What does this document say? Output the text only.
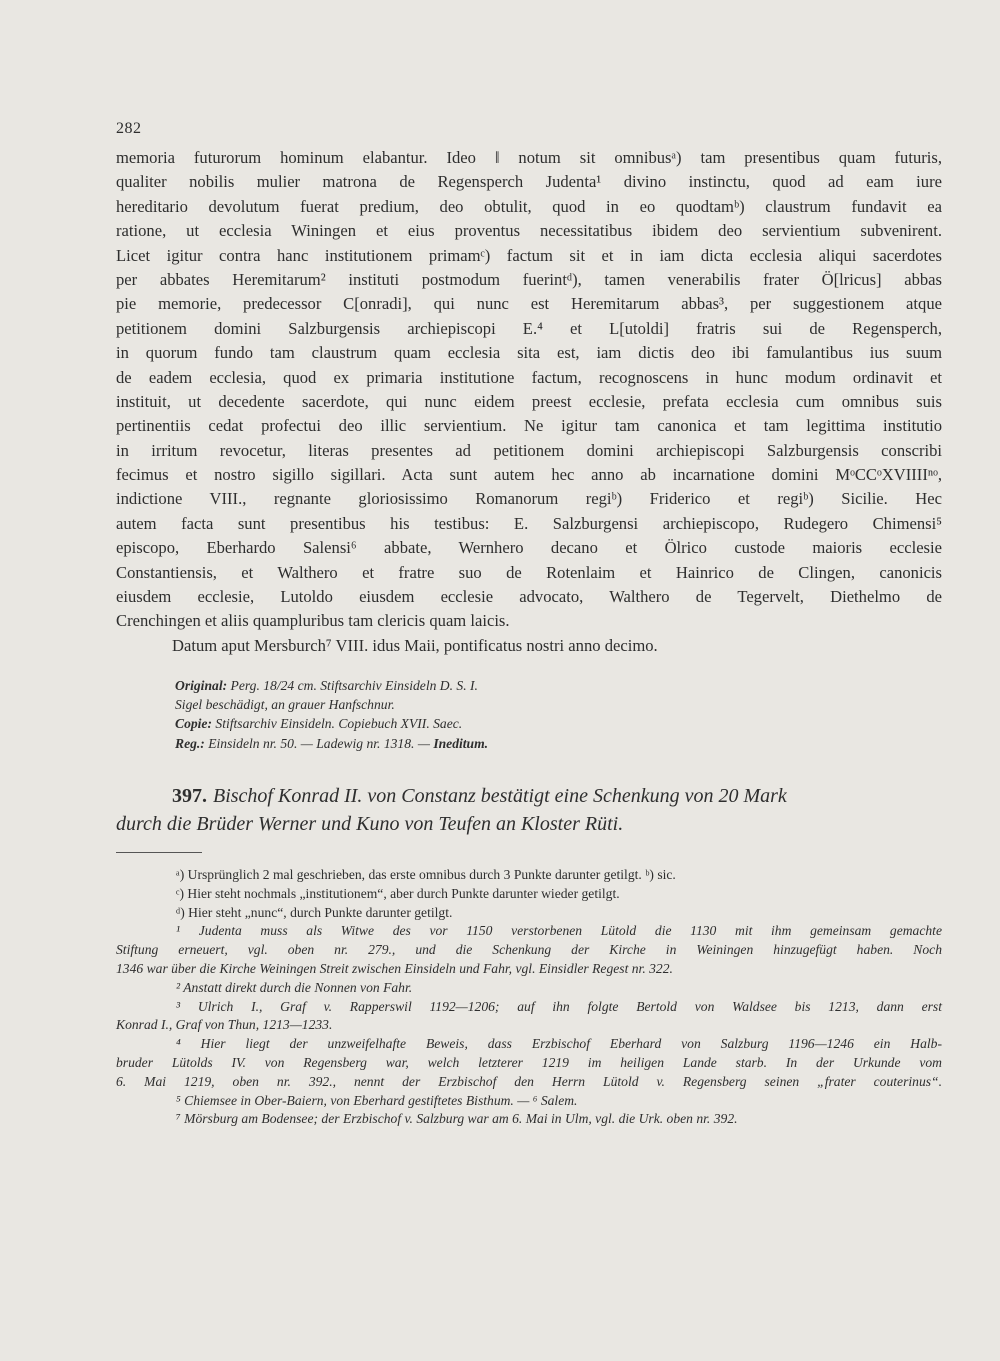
282
memoria futurorum hominum elabantur. Ideo ‖ notum sit omnibusᵃ) tam presentibus quam futuris,
qualiter nobilis mulier matrona de Regensperch Judenta¹ divino instinctu, quod ad eam iure
hereditario devolutum fuerat predium, deo obtulit, quod in eo quodtamᵇ) claustrum fundavit ea
ratione, ut ecclesia Winingen et eius proventus necessitatibus ibidem deo servientium subvenirent.
Licet igitur contra hanc institutionem primamᶜ) factum sit et in iam dicta ecclesia aliqui sacerdotes
per abbates Heremitarum² instituti postmodum fuerintᵈ), tamen venerabilis frater Ö[lricus] abbas
pie memorie, predecessor C[onradi], qui nunc est Heremitarum abbas³, per suggestionem atque
petitionem domini Salzburgensis archiepiscopi E.⁴ et L[utoldi] fratris sui de Regensperch,
in quorum fundo tam claustrum quam ecclesia sita est, iam dictis deo ibi famulantibus ius suum
de eadem ecclesia, quod ex primaria institutione factum, recognoscens in hunc modum ordinavit et
instituit, ut decedente sacerdote, qui nunc eidem preest ecclesie, prefata ecclesia cum omnibus suis
pertinentiis cedat profectui deo illic servientium. Ne igitur tam canonica et tam legittima institutio
in irritum revocetur, literas presentes ad petitionem domini archiepiscopi Salzburgensis conscribi
fecimus et nostro sigillo sigillari. Acta sunt autem hec anno ab incarnatione domini MᵒCCᵒXVIIIIⁿᵒ,
indictione VIII., regnante gloriosissimo Romanorum regiᵇ) Friderico et regiᵇ) Sicilie. Hec
autem facta sunt presentibus his testibus: E. Salzburgensi archiepiscopo, Rudegero Chimensi⁵
episcopo, Eberhardo Salensi⁶ abbate, Wernhero decano et Ölrico custode maioris ecclesie
Constantiensis, et Walthero et fratre suo de Rotenlaim et Hainrico de Clingen, canonicis
eiusdem ecclesie, Lutoldo eiusdem ecclesie advocato, Walthero de Tegervelt, Diethelmo de
Crenchingen et aliis quampluribus tam clericis quam laicis.
Datum aput Mersburch⁷ VIII. idus Maii, pontificatus nostri anno decimo.
Original: Perg. 18/24 cm. Stiftsarchiv Einsideln D. S. I.
Sigel beschädigt, an grauer Hanfschnur.
Copie: Stiftsarchiv Einsideln. Copiebuch XVII. Saec.
Reg.: Einsideln nr. 50. — Ladewig nr. 1318. — Ineditum.
397. Bischof Konrad II. von Constanz bestätigt eine Schenkung von 20 Mark
durch die Brüder Werner und Kuno von Teufen an Kloster Rüti.
ᵃ) Ursprünglich 2 mal geschrieben, das erste omnibus durch 3 Punkte darunter getilgt. ᵇ) sic.
ᶜ) Hier steht nochmals „institutionem“, aber durch Punkte darunter wieder getilgt.
ᵈ) Hier steht „nunc“, durch Punkte darunter getilgt.
¹ Judenta muss als Witwe des vor 1150 verstorbenen Lütold die 1130 mit ihm gemeinsam gemachte
Stiftung erneuert, vgl. oben nr. 279., und die Schenkung der Kirche in Weiningen hinzugefügt haben. Noch
1346 war über die Kirche Weiningen Streit zwischen Einsideln und Fahr, vgl. Einsidler Regest nr. 322.
² Anstatt direkt durch die Nonnen von Fahr.
³ Ulrich I., Graf v. Rapperswil 1192—1206; auf ihn folgte Bertold von Waldsee bis 1213, dann erst
Konrad I., Graf von Thun, 1213—1233.
⁴ Hier liegt der unzweifelhafte Beweis, dass Erzbischof Eberhard von Salzburg 1196—1246 ein Halb-
bruder Lütolds IV. von Regensberg war, welch letzterer 1219 im heiligen Lande starb. In der Urkunde vom
6. Mai 1219, oben nr. 392., nennt der Erzbischof den Herrn Lütold v. Regensberg seinen „frater couterinus“.
⁵ Chiemsee in Ober-Baiern, von Eberhard gestiftetes Bisthum. — ⁶ Salem.
⁷ Mörsburg am Bodensee; der Erzbischof v. Salzburg war am 6. Mai in Ulm, vgl. die Urk. oben nr. 392.
